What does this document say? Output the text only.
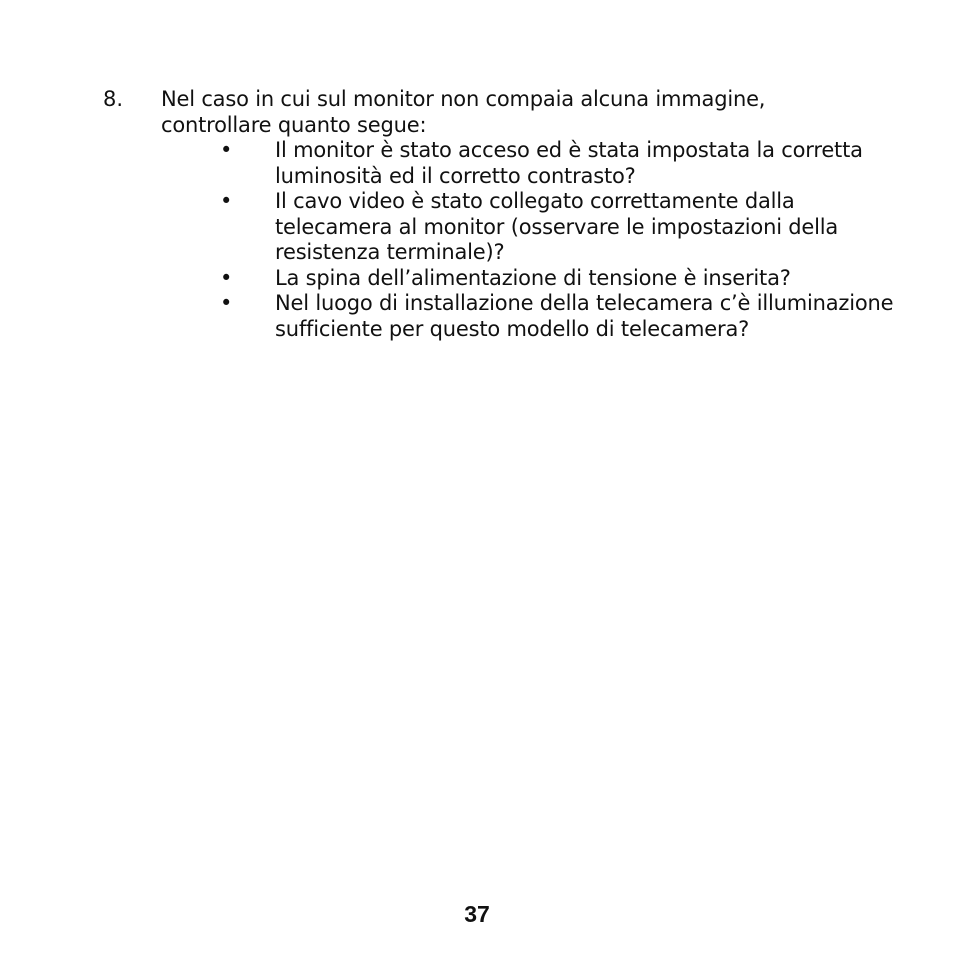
8. Nel caso in cui sul monitor non compaia alcuna immagine, controllare quanto segue:
•	Il monitor è stato acceso ed è stata impostata la corretta luminosità ed il corretto contrasto?
•	Il cavo video è stato collegato correttamente dalla telecamera al monitor (osservare le impostazioni della resistenza terminale)?
•	La spina dell’alimentazione di tensione è inserita?
•	Nel luogo di installazione della telecamera c’è illuminazione sufficiente per questo modello di telecamera?
37
